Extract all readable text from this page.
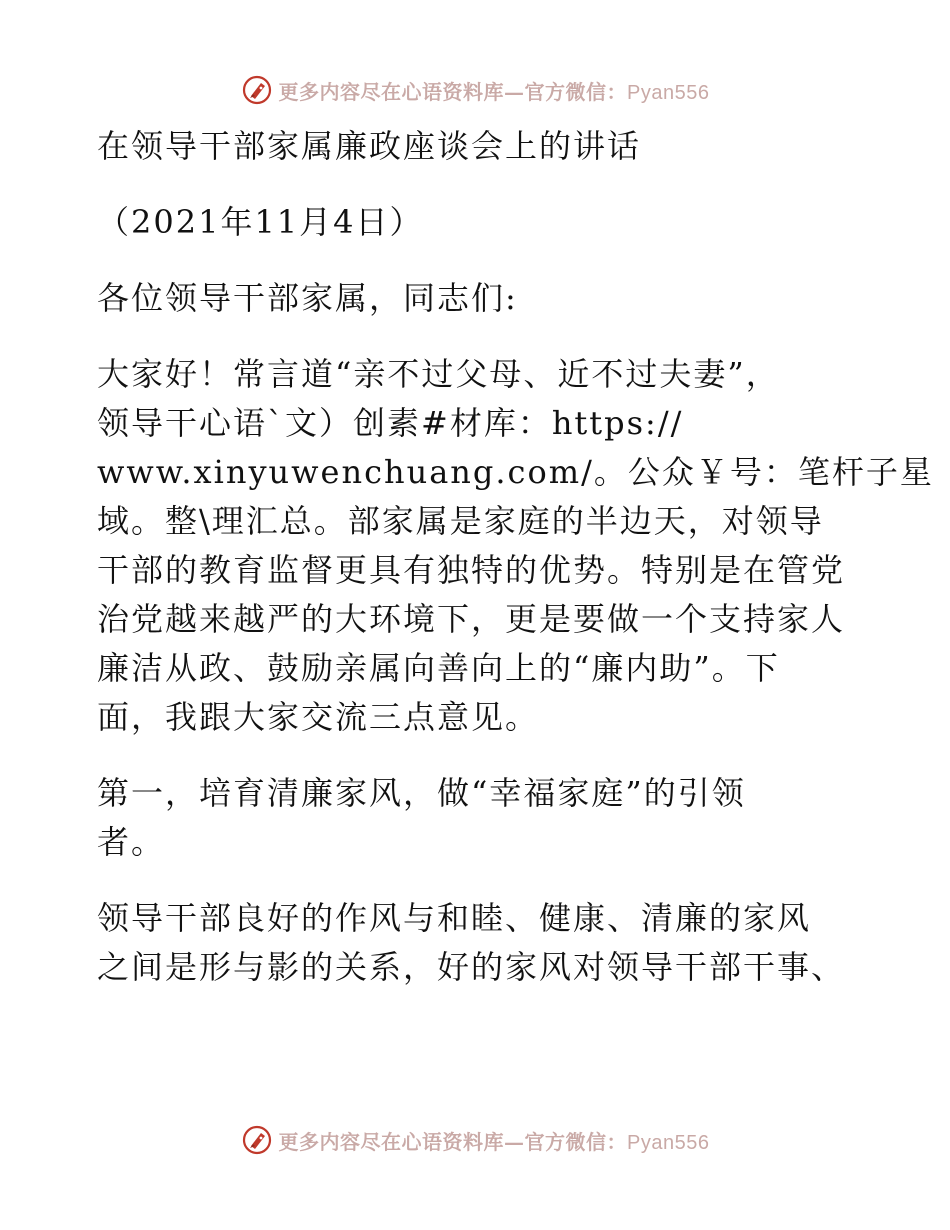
更多内容尽在心语资料库—官方微信：Pyan556
在领导干部家属廉政座谈会上的讲话
（2021年11月4日）
各位领导干部家属，同志们:
大家好！常言道“亲不过父母、近不过夫妻”，
领导干心语`文）创素#材库：https://
www.xinyuwenchuang.com/。公众￥号：笔杆子星
域。整\理汇总。部家属是家庭的半边天，对领导
干部的教育监督更具有独特的优势。特别是在管党
治党越来越严的大环境下，更是要做一个支持家人
廉洁从政、鼓励亲属向善向上的“廉内助”。下
面，我跟大家交流三点意见。
第一，培育清廉家风，做“幸福家庭”的引领
者。
领导干部良好的作风与和睦、健康、清廉的家风
之间是形与影的关系，好的家风对领导干部干事、
更多内容尽在心语资料库—官方微信：Pyan556
